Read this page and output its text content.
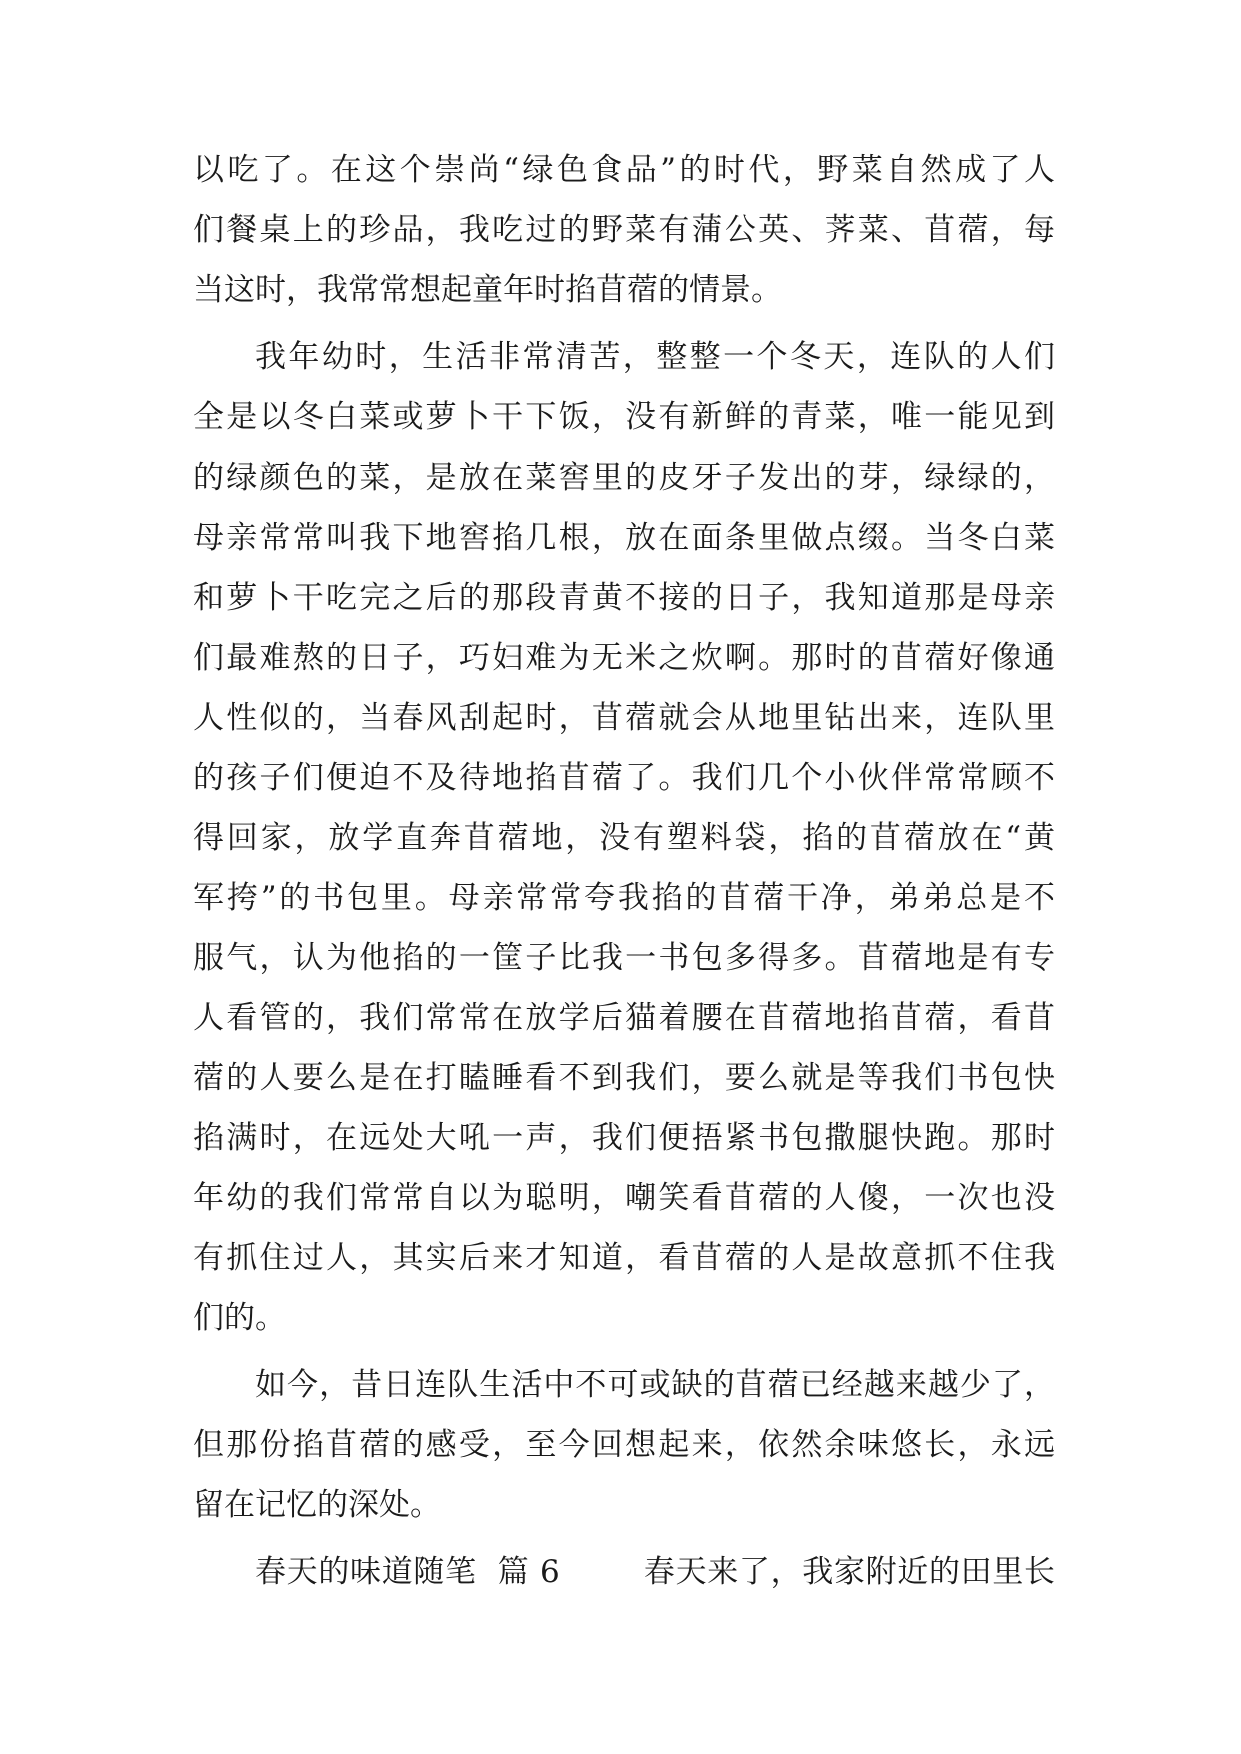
以吃了。在这个崇尚“绿色食品”的时代，野菜自然成了人
们餐桌上的珍品，我吃过的野菜有蒲公英、荠菜、苜蓿，每
当这时，我常常想起童年时掐苜蓿的情景。
我年幼时，生活非常清苦，整整一个冬天，连队的人们
全是以冬白菜或萝卜干下饭，没有新鲜的青菜，唯一能见到
的绿颜色的菜，是放在菜窖里的皮牙子发出的芽，绿绿的，
母亲常常叫我下地窖掐几根，放在面条里做点缀。当冬白菜
和萝卜干吃完之后的那段青黄不接的日子，我知道那是母亲
们最难熬的日子，巧妇难为无米之炊啊。那时的苜蓿好像通
人性似的，当春风刮起时，苜蓿就会从地里钻出来，连队里
的孩子们便迫不及待地掐苜蓿了。我们几个小伙伴常常顾不
得回家，放学直奔苜蓿地，没有塑料袋，掐的苜蓿放在“黄
军挎”的书包里。母亲常常夸我掐的苜蓿干净，弟弟总是不
服气，认为他掐的一筐子比我一书包多得多。苜蓿地是有专
人看管的，我们常常在放学后猫着腰在苜蓿地掐苜蓿，看苜
蓿的人要么是在打瞌睡看不到我们，要么就是等我们书包快
掐满时，在远处大吼一声，我们便捂紧书包撒腿快跑。那时
年幼的我们常常自以为聪明，嘲笑看苜蓿的人傻，一次也没
有抓住过人，其实后来才知道，看苜蓿的人是故意抓不住我
们的。
如今，昔日连队生活中不可或缺的苜蓿已经越来越少了，
但那份掐苜蓿的感受，至今回想起来，依然余味悠长，永远
留在记忆的深处。
春天的味道随笔  篇 6        春天来了，我家附近的田里长
